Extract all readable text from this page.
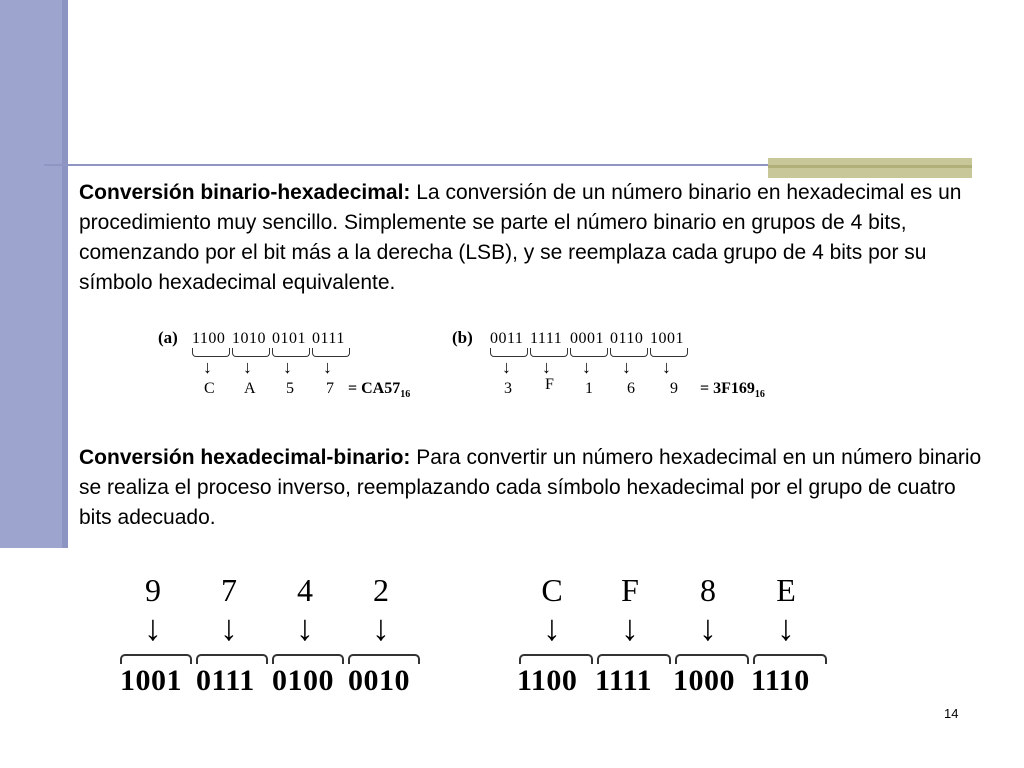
Conversión binario-hexadecimal: La conversión de un número binario en hexadecimal es un procedimiento muy sencillo. Simplemente se parte el número binario en grupos de 4 bits, comenzando por el bit más a la derecha (LSB), y se reemplaza cada grupo de 4 bits por su símbolo hexadecimal equivalente.

(a) 1100 1010 0101 0111
↓ ↓ ↓ ↓
C A 5 $7 = CA57_{16}$
(b) 0011 1111 0001 0110 1001
↓ ↓ ↓ ↓ ↓
3 F 1 6 $9 = 3F169_{16}$

Conversión hexadecimal-binario: Para convertir un número hexadecimal en un número binario se realiza el proceso inverso, reemplazando cada símbolo hexadecimal por el grupo de cuatro bits adecuado.

9	7	4	2
↓	↓	↓	↓
1001 0111 0100 0010
C	F	8	E
↓	↓	↓	↓
1100 1111 1000 1110
14
